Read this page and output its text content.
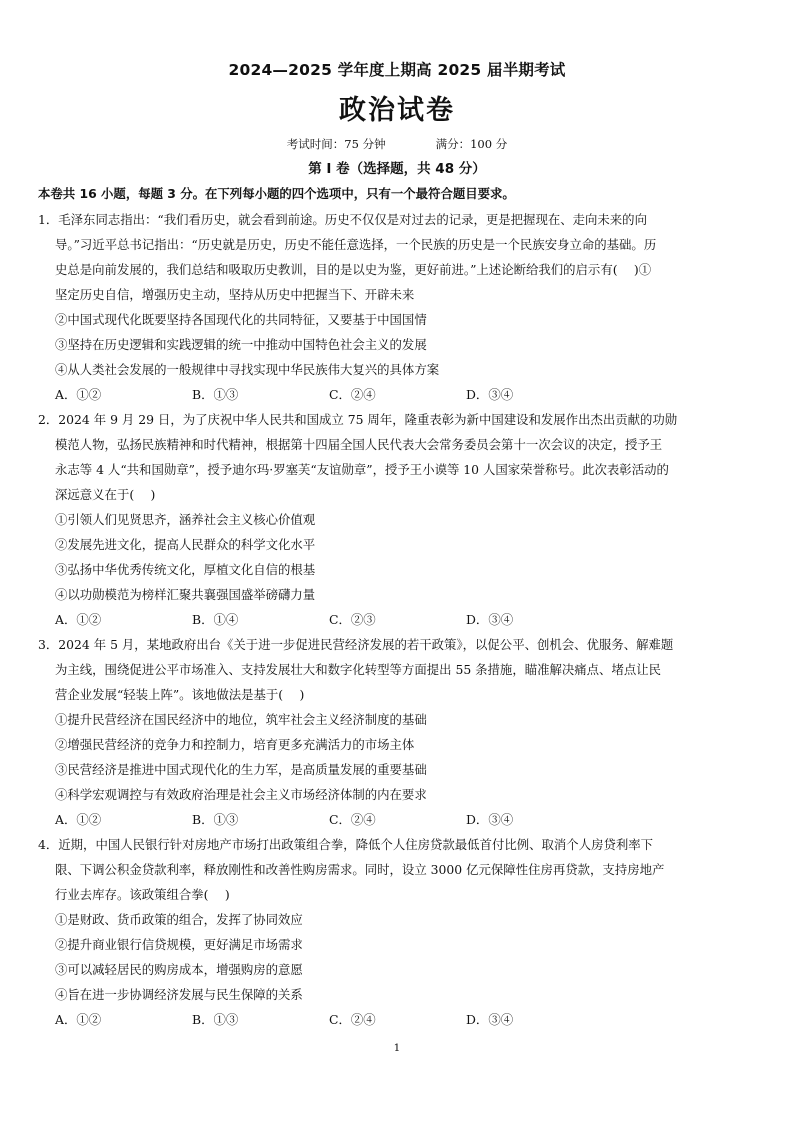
2024—2025 学年度上期高 2025 届半期考试
政治试卷
考试时间：75 分钟	满分：100 分
第 I 卷（选择题，共 48 分）
本卷共 16 小题，每题 3 分。在下列每小题的四个选项中，只有一个最符合题目要求。
1．毛泽东同志指出：“我们看历史，就会看到前途。历史不仅仅是对过去的记录，更是把握现在、走向未来的向
导。”习近平总书记指出：“历史就是历史，历史不能任意选择，一个民族的历史是一个民族安身立命的基础。历
史总是向前发展的，我们总结和吸取历史教训，目的是以史为鉴，更好前进。”上述论断给我们的启示有(　 )①
坚定历史自信，增强历史主动，坚持从历史中把握当下、开辟未来
②中国式现代化既要坚持各国现代化的共同特征，又要基于中国国情
③坚持在历史逻辑和实践逻辑的统一中推动中国特色社会主义的发展
④从人类社会发展的一般规律中寻找实现中华民族伟大复兴的具体方案
A．①②	B．①③	C．②④	D．③④
2．2024 年 9 月 29 日，为了庆祝中华人民共和国成立 75 周年，隆重表彰为新中国建设和发展作出杰出贡献的功勋
模范人物，弘扬民族精神和时代精神，根据第十四届全国人民代表大会常务委员会第十一次会议的决定，授予王
永志等 4 人“共和国勋章”，授予迪尔玛·罗塞芙“友谊勋章”，授予王小谟等 10 人国家荣誉称号。此次表彰活动的
深远意义在于(　 )
①引领人们见贤思齐，涵养社会主义核心价值观
②发展先进文化，提高人民群众的科学文化水平
③弘扬中华优秀传统文化，厚植文化自信的根基
④以功勋模范为榜样汇聚共襄强国盛举磅礴力量
A．①②	B．①④	C．②③	D．③④
3．2024 年 5 月，某地政府出台《关于进一步促进民营经济发展的若干政策》，以促公平、创机会、优服务、解难题
为主线，围绕促进公平市场准入、支持发展壮大和数字化转型等方面提出 55 条措施，瞄准解决痛点、堵点让民
营企业发展“轻装上阵”。该地做法是基于(　 )
①提升民营经济在国民经济中的地位，筑牢社会主义经济制度的基础
②增强民营经济的竞争力和控制力，培育更多充满活力的市场主体
③民营经济是推进中国式现代化的生力军，是高质量发展的重要基础
④科学宏观调控与有效政府治理是社会主义市场经济体制的内在要求
A．①②	B．①③	C．②④	D．③④
4．近期，中国人民银行针对房地产市场打出政策组合拳，降低个人住房贷款最低首付比例、取消个人房贷利率下
限、下调公积金贷款利率，释放刚性和改善性购房需求。同时，设立 3000 亿元保障性住房再贷款，支持房地产
行业去库存。该政策组合拳(　 )
①是财政、货币政策的组合，发挥了协同效应
②提升商业银行信贷规模，更好满足市场需求
③可以减轻居民的购房成本，增强购房的意愿
④旨在进一步协调经济发展与民生保障的关系
A．①②	B．①③	C．②④	D．③④
1
